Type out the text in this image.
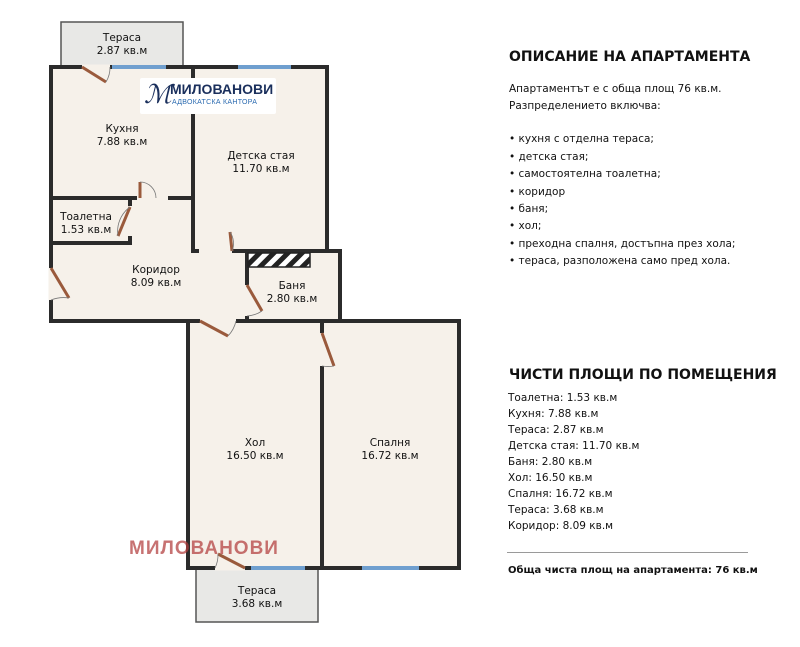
Тераса
2.87 кв.м
Кухня
7.88 кв.м
Детска стая
11.70 кв.м
Тоалетна
1.53 кв.м
Коридор
8.09 кв.м	Баня
2.80 кв.м
Хол
16.50 кв.м
Спалня
16.72 кв.м
Тераса
3.68 кв.м
ℳ
МИЛОВАНОВИ
АДВОКАТСКА КАНТОРА
МИЛОВАНОВИ
ОПИСАНИЕ НА АПАРТАМЕНТА
Апартаментът е с обща площ 76 кв.м.
Разпределението включва:
• кухня с отделна тераса;
• детска стая;
• самостоятелна тоалетна;
• коридор
• баня;
• хол;
• преходна спалня, достъпна през хола;
• тераса, разположена само пред хола.
ЧИСТИ ПЛОЩИ ПО ПОМЕЩЕНИЯ
Тоалетна: 1.53 кв.м
Кухня: 7.88 кв.м
Тераса: 2.87 кв.м
Детска стая: 11.70 кв.м
Баня: 2.80 кв.м
Хол: 16.50 кв.м
Спалня: 16.72 кв.м
Тераса: 3.68 кв.м
Коридор: 8.09 кв.м
Обща чиста площ на апартамента: 76 кв.м
